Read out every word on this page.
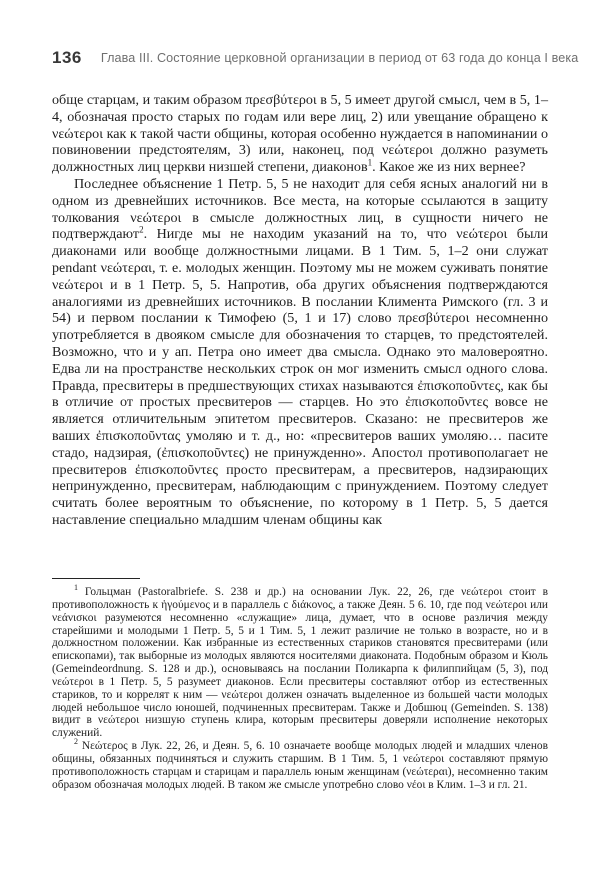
136 Глава III. Состояние церковной организации в период от 63 года до конца I века

обще старцам, и таким образом πρεσβύτεροι в 5, 5 имеет другой смысл, чем в 5, 1–4, обозначая просто старых по годам или вере лиц, 2) или увещание обращено к νεώτεροι как к такой части общины, которая особенно нуждается в напоминании о повиновении предстоятелям, 3) или, наконец, под νεώτεροι должно разуметь должностных лиц церкви низшей степени, диаконов$^1$. Какое же из них вернее?

Последнее объяснение 1 Петр. 5, 5 не находит для себя ясных аналогий ни в одном из древнейших источников. Все места, на которые ссылаются в защиту толкования νεώτεροι в смысле должностных лиц, в сущности ничего не подтверждают$^2$. Нигде мы не находим указаний на то, что νεώτεροι были диаконами или вообще должностными лицами. В 1 Тим. 5, 1–2 они служат pendant νεώτεραι, т. е. молодых женщин. Поэтому мы не можем суживать понятие νεώτεροι и в 1 Петр. 5, 5. Напротив, оба других объяснения подтверждаются аналогиями из древнейших источников. В послании Климента Римского (гл. 3 и 54) и первом послании к Тимофею (5, 1 и 17) слово πρεσβύτεροι несомненно употребляется в двояком смысле для обозначения то старцев, то предстоятелей. Возможно, что и у ап. Петра оно имеет два смысла. Однако это маловероятно. Едва ли на пространстве нескольких строк он мог изменить смысл одного слова. Правда, пресвитеры в предшествующих стихах называются ἐπισκοποῦντες, как бы в отличие от простых пресвитеров — старцев. Но это ἐπισκοποῦντες вовсе не является отличительным эпитетом пресвитеров. Сказано: не пресвитеров же ваших ἐπισκοποῦντας умоляю и т. д., но: «пресвитеров ваших умоляю… пасите стадо, надзирая, (ἐπισκοποῦντες) не принужденно». Апостол противополагает не пресвитеров ἐπισκοποῦντες просто пресвитерам, а пресвитеров, надзирающих непринужденно, пресвитерам, наблюдающим с принуждением. Поэтому следует считать более вероятным то объяснение, по которому в 1 Петр. 5, 5 дается наставление специально младшим членам общины как

$^1$ Гольцман (Pastoralbriefe. S. 238 и др.) на основании Лук. 22, 26, где νεώτεροι стоит в противоположность к ἡγούμενος и в параллель с διάκονος, а также Деян. 5 6. 10, где под νεώτεροι или νεάνισκοι разумеются несомненно «служащие» лица, думает, что в основе различия между старейшими и молодыми 1 Петр. 5, 5 и 1 Тим. 5, 1 лежит различие не только в возрасте, но и в должностном положении. Как избранные из естественных стариков становятся пресвитерами (или епископами), так выборные из молодых являются носителями диаконата. Подобным образом и Кюль (Gemeindeordnung. S. 128 и др.), основываясь на послании Поликарпа к филиппийцам (5, 3), под νεώτεροι в 1 Петр. 5, 5 разумеет диаконов. Если пресвитеры составляют отбор из естественных стариков, то и коррелят к ним — νεώτεροι должен означать выделенное из большей части молодых людей небольшое число юношей, подчиненных пресвитерам. Также и Добшюц (Gemeinden. S. 138) видит в νεώτεροι низшую ступень клира, которым пресвитеры доверяли исполнение некоторых служений.

$^2$ Νεώτερος в Лук. 22, 26, и Деян. 5, 6. 10 означаете вообще молодых людей и младших членов общины, обязанных подчиняться и служить старшим. В 1 Тим. 5, 1 νεώτεροι составляют прямую противоположность старцам и старицам и параллель юным женщинам (νεώτεραι), несомненно таким образом обозначая молодых людей. В таком же смысле употребно слово νέοι в Клим. 1–3 и гл. 21.
